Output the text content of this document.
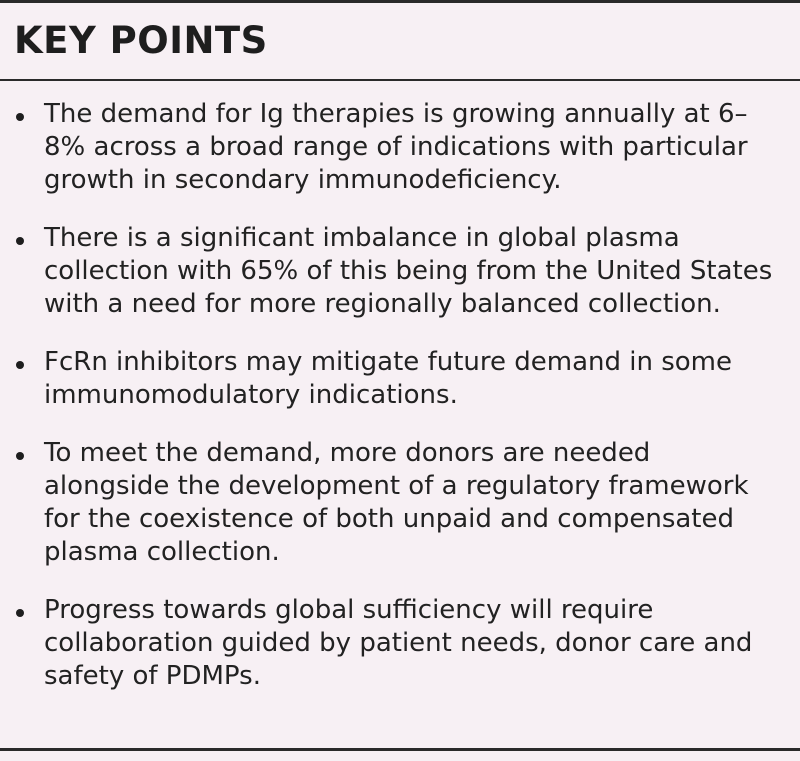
KEY POINTS
The demand for Ig therapies is growing annually at 6–
8% across a broad range of indications with particular
growth in secondary immunodeficiency.
There is a significant imbalance in global plasma
collection with 65% of this being from the United States
with a need for more regionally balanced collection.
FcRn inhibitors may mitigate future demand in some
immunomodulatory indications.
To meet the demand, more donors are needed
alongside the development of a regulatory framework
for the coexistence of both unpaid and compensated
plasma collection.
Progress towards global sufficiency will require
collaboration guided by patient needs, donor care and
safety of PDMPs.
